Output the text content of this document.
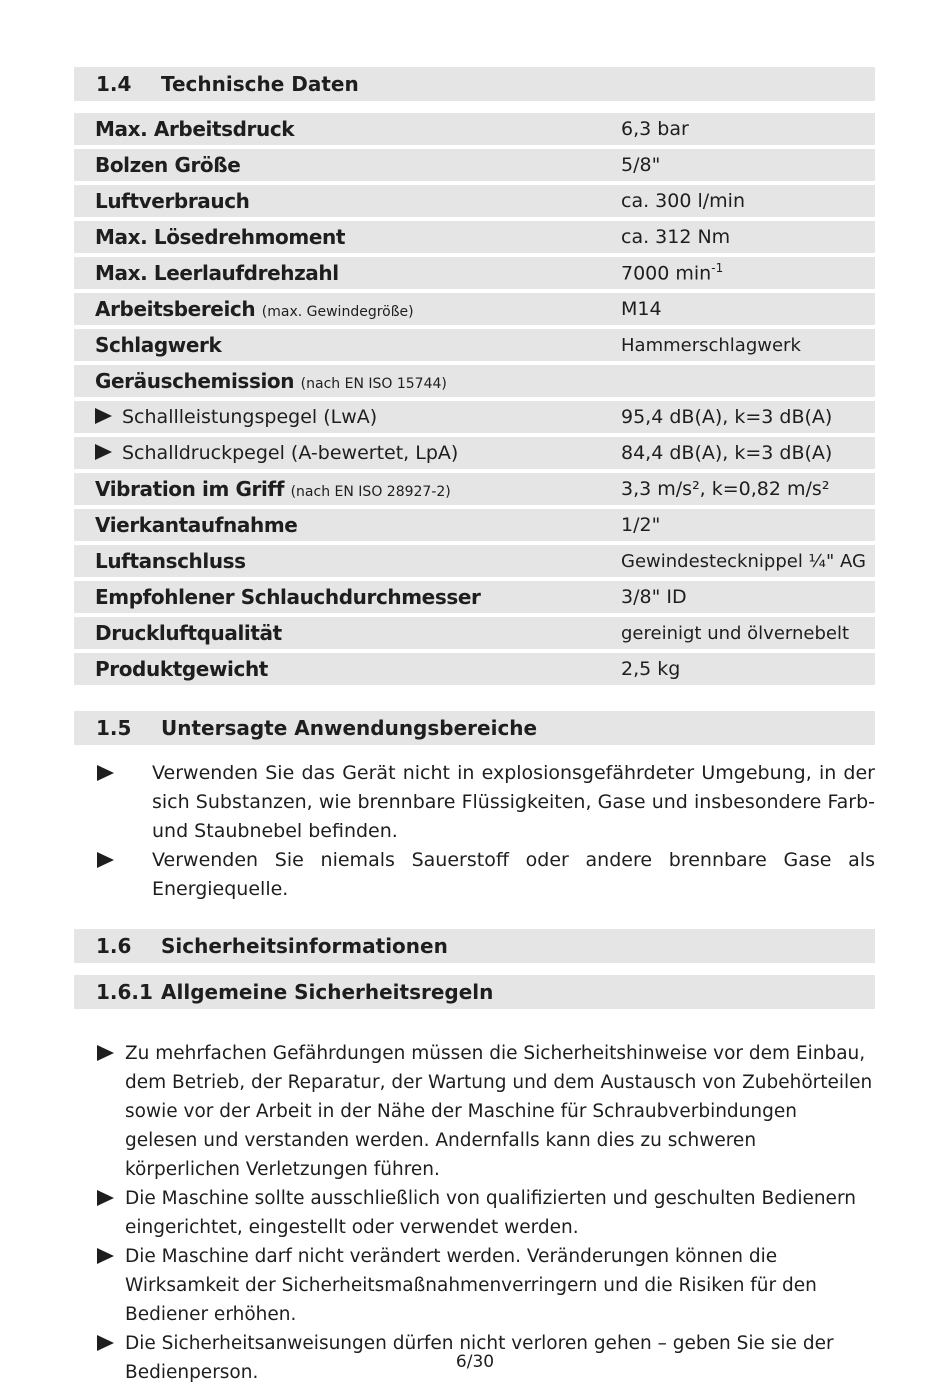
1.4	Technische Daten
Max. Arbeitsdruck	6,3 bar
Bolzen Größe	5/8"
Luftverbrauch	ca. 300 l/min
Max. Lösedrehmoment	ca. 312 Nm
Max. Leerlaufdrehzahl	7000 $\min^{-1}$
Arbeitsbereich (max. Gewindegröße)	M14
Schlagwerk	Hammerschlagwerk
Geräuschemission (nach EN ISO 15744)	
Schallleistungspegel (LwA)	95,4 dB(A), k=3 dB(A)
Schalldruckpegel (A-bewertet, LpA)	84,4 dB(A), k=3 dB(A)
Vibration im Griff (nach EN ISO 28927-2)	3,3 m/s², k=0,82 m/s²
Vierkantaufnahme	1/2"
Luftanschluss	Gewindestecknippel ¼" AG
Empfohlener Schlauchdurchmesser	3/8" ID
Druckluftqualität	gereinigt und ölvernebelt
Produktgewicht	2,5 kg
1.5	Untersagte Anwendungsbereiche
Verwenden Sie das Gerät nicht in explosionsgefährdeter Umgebung, in der sich Substanzen, wie brennbare Flüssigkeiten, Gase und insbesondere Farb- und Staubnebel befinden.
Verwenden Sie niemals Sauerstoff oder andere brennbare Gase als Energiequelle.
1.6	Sicherheitsinformationen
1.6.1 Allgemeine Sicherheitsregeln
Zu mehrfachen Gefährdungen müssen die Sicherheitshinweise vor dem Einbau, dem Betrieb, der Reparatur, der Wartung und dem Austausch von Zubehörteilen sowie vor der Arbeit in der Nähe der Maschine für Schraubverbindungen gelesen und verstanden werden. Andernfalls kann dies zu schweren körperlichen Verletzungen führen.
Die Maschine sollte ausschließlich von qualifizierten und geschulten Bedienern eingerichtet, eingestellt oder verwendet werden.
Die Maschine darf nicht verändert werden. Veränderungen können die Wirksamkeit der Sicherheitsmaßnahmenverringern und die Risiken für den Bediener erhöhen.
Die Sicherheitsanweisungen dürfen nicht verloren gehen – geben Sie sie der Bedienperson.	6/30
